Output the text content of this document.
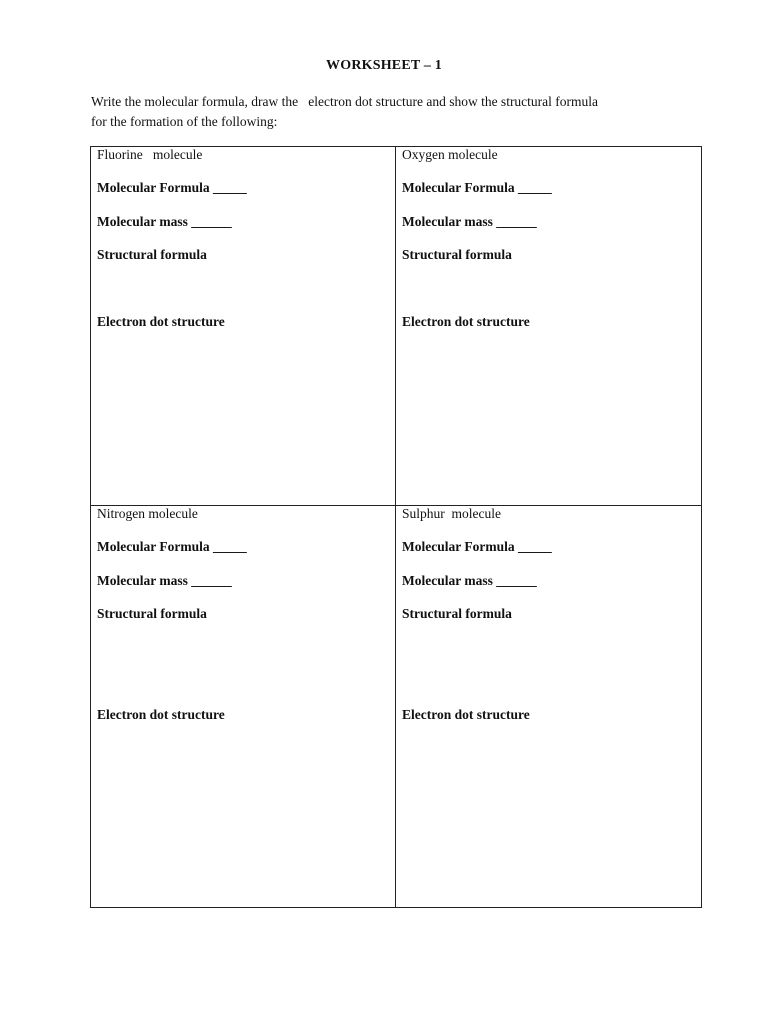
WORKSHEET – 1

Write the molecular formula, draw the   electron dot structure and show the structural formula

for the formation of the following:

Fluorine   molecule
Molecular Formula _____
Molecular mass ______
Structural formula
Electron dot structure
Oxygen molecule
Molecular Formula _____
Molecular mass ______
Structural formula
Electron dot structure
Nitrogen molecule
Molecular Formula _____
Molecular mass ______
Structural formula
Electron dot structure
Sulphur  molecule
Molecular Formula _____
Molecular mass ______
Structural formula
Electron dot structure
